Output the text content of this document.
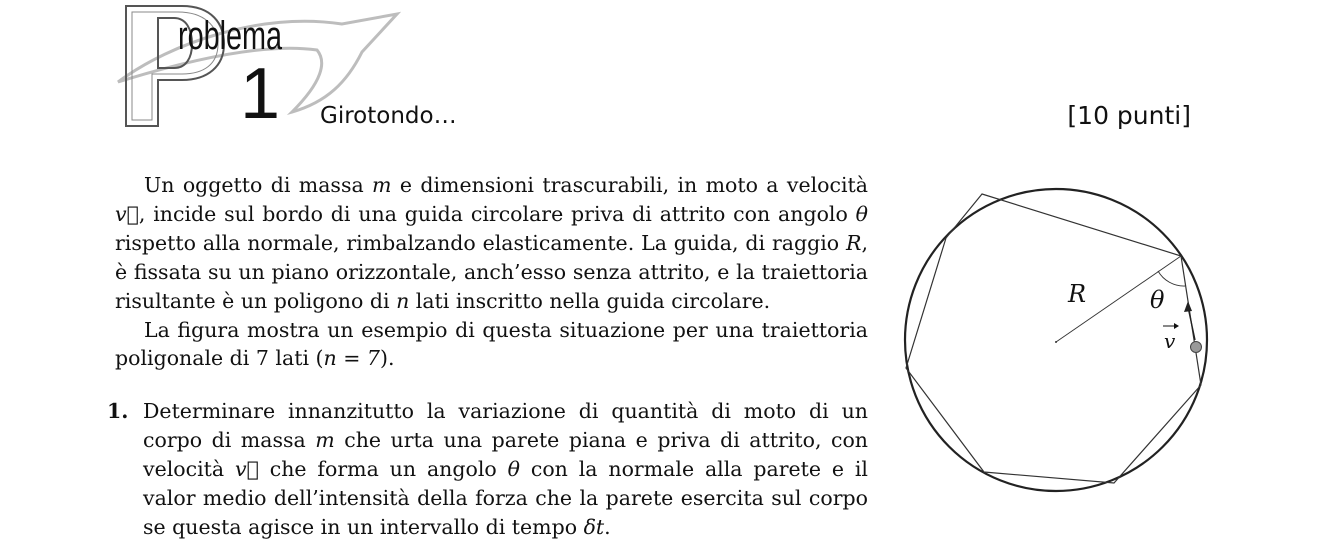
roblema
1 Girotondo…	[10 punti]

Un oggetto di massa m e dimensioni trascurabili, in moto a velocità v⃗, incide sul bordo di una guida circolare priva di attrito con angolo θ rispetto alla normale, rimbalzando elasticamente. La guida, di raggio R, è fissata su un piano orizzontale, anch’esso senza attrito, e la traiettoria risultante è un poligono di n lati inscritto nella guida circolare.

La figura mostra un esempio di questa situazione per una traiettoria poligonale di 7 lati (n = 7).

1. Determinare innanzitutto la variazione di quantità di moto di un corpo di massa m che urta una parete piana e priva di attrito, con velocità v⃗ che forma un angolo θ con la normale alla parete e il valor medio dell’intensità della forza che la parete esercita sul corpo se questa agisce in un intervallo di tempo δt.
R	θ
v
